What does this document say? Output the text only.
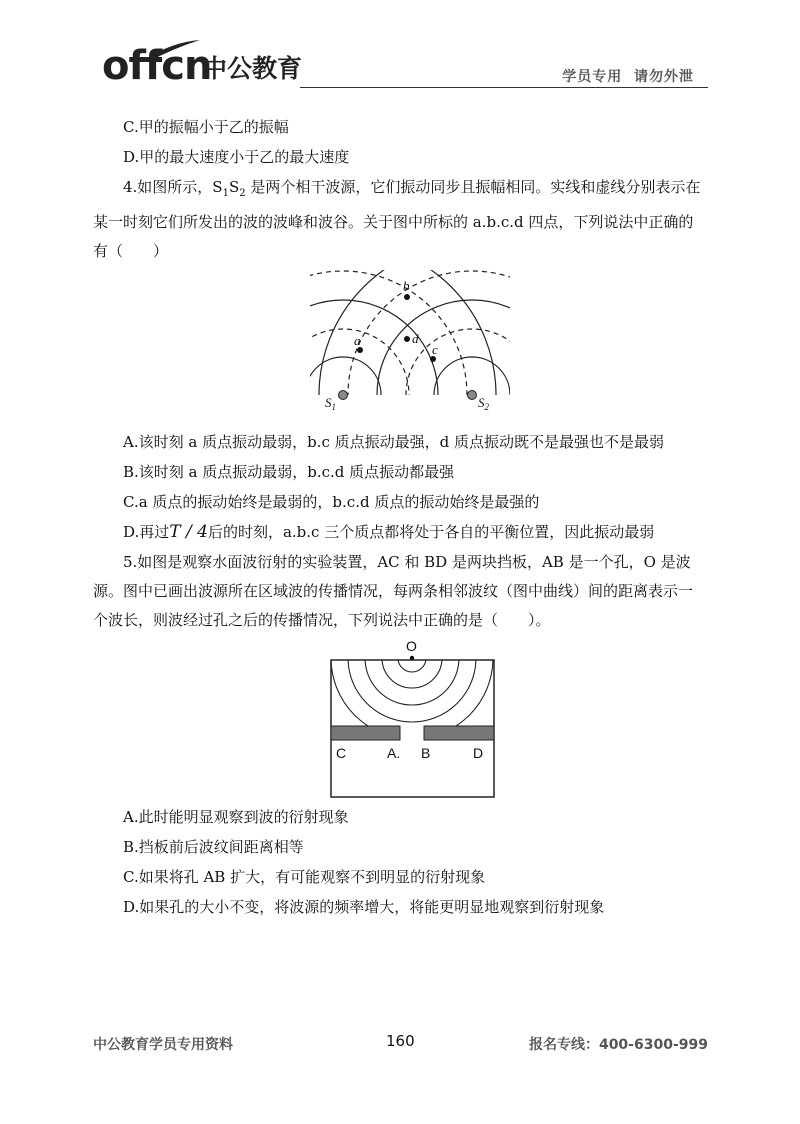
offcn
中公教育	学员专用  请勿外泄
C.甲的振幅小于乙的振幅
D.甲的最大速度小于乙的最大速度
4.如图所示，$S_1S_2$ 是两个相干波源，它们振动同步且振幅相同。实线和虚线分别表示在某一时刻它们所发出的波的波峰和波谷。关于图中所标的 a.b.c.d 四点，下列说法中正确的有（　　）
b
a	d
c
$S_1$	$S_2$
A.该时刻 a 质点振动最弱，b.c 质点振动最强，d 质点振动既不是最强也不是最弱
B.该时刻 a 质点振动最弱，b.c.d 质点振动都最强
C.a 质点的振动始终是最弱的，b.c.d 质点的振动始终是最强的
D.再过T / 4后的时刻，a.b.c 三个质点都将处于各自的平衡位置，因此振动最弱
5.如图是观察水面波衍射的实验装置，AC 和 BD 是两块挡板，AB 是一个孔，O 是波源。图中已画出波源所在区域波的传播情况，每两条相邻波纹（图中曲线）间的距离表示一个波长，则波经过孔之后的传播情况，下列说法中正确的是（　　）。
O
C	A. B	D
A.此时能明显观察到波的衍射现象
B.挡板前后波纹间距离相等
C.如果将孔 AB 扩大，有可能观察不到明显的衍射现象
D.如果孔的大小不变，将波源的频率增大，将能更明显地观察到衍射现象
中公教育学员专用资料	160	报名专线：400-6300-999
